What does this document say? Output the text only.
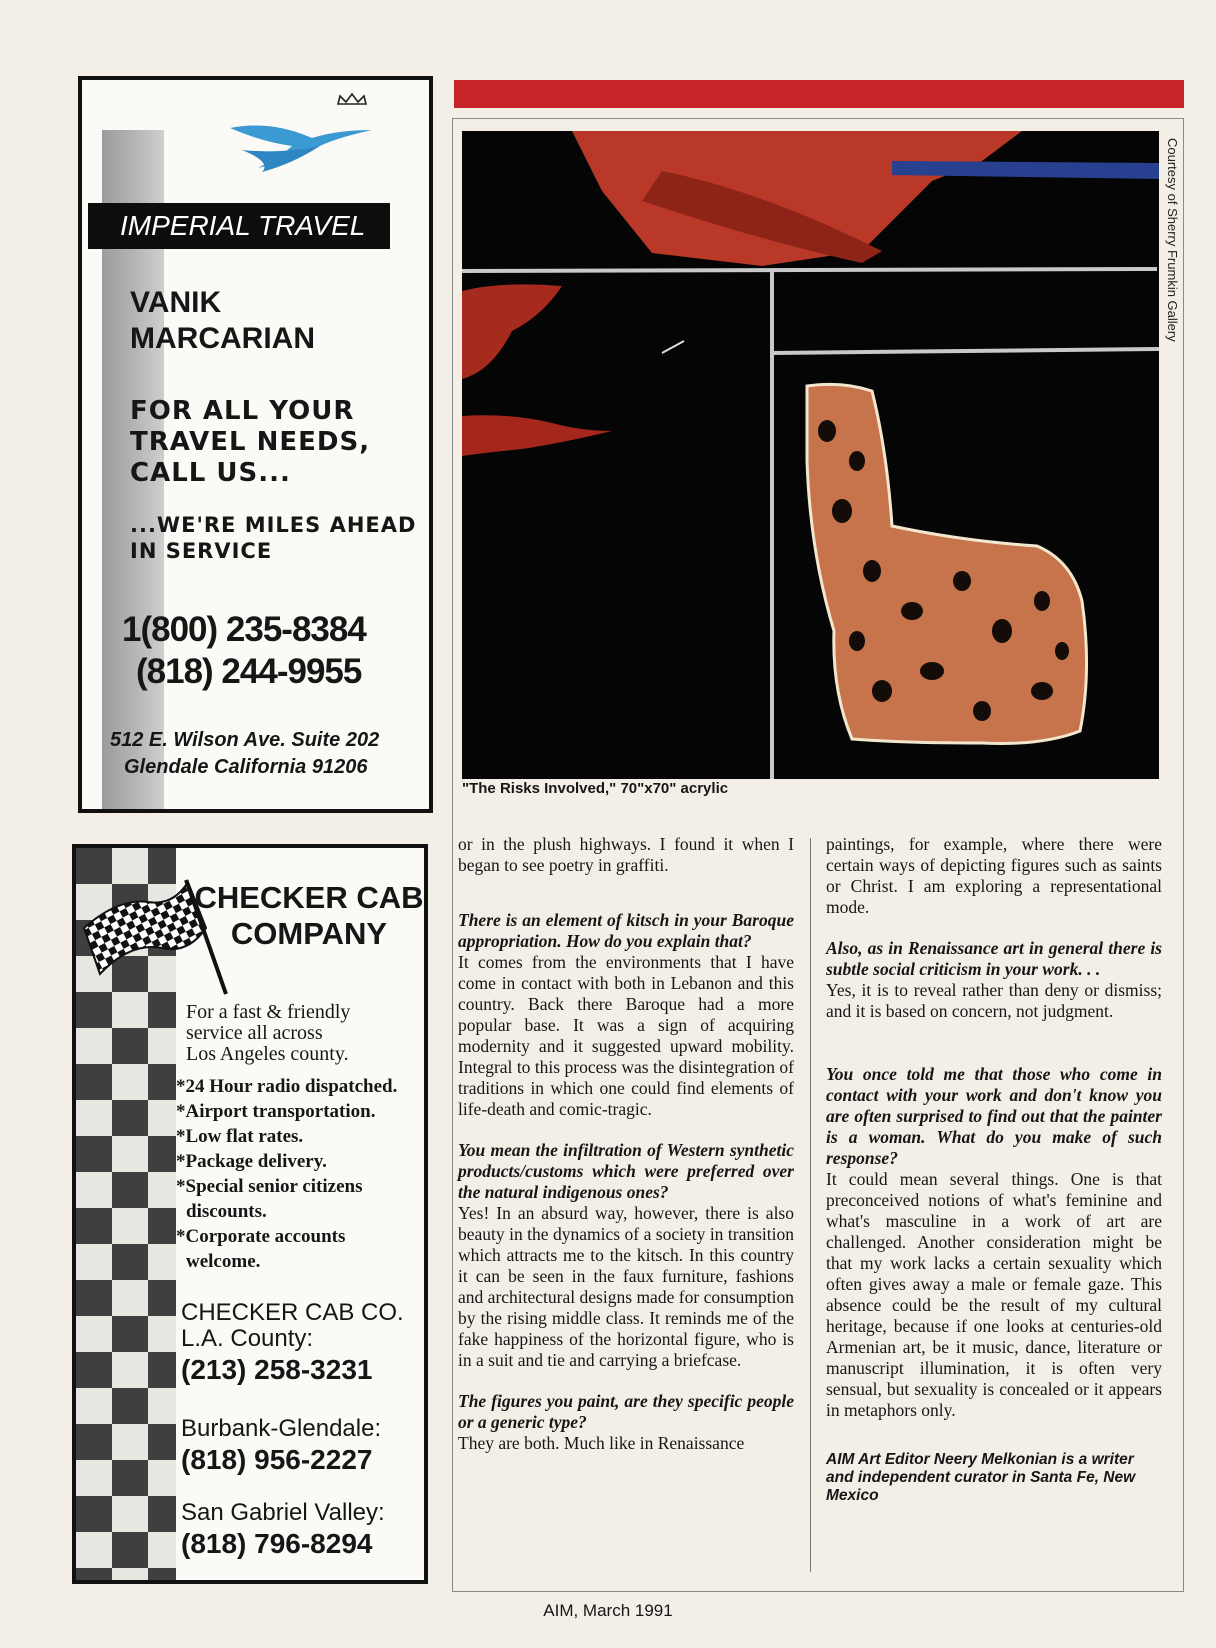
IMPERIAL TRAVEL
VANIK
MARCARIAN
FOR ALL YOUR
TRAVEL NEEDS,
CALL US...
...WE'RE MILES AHEAD
IN SERVICE
1(800) 235-8384
(818) 244-9955
512 E. Wilson Ave. Suite 202
Glendale California 91206
CHECKER CAB
COMPANY
For a fast & friendly
service all across
Los Angeles county.
*24 Hour radio dispatched.
*Airport transportation.
*Low flat rates.
*Package delivery.
*Special senior citizens discounts.
*Corporate accounts welcome.
CHECKER CAB CO.
L.A. County:
(213) 258-3231
Burbank-Glendale:
(818) 956-2227
San Gabriel Valley:
(818) 796-8294
Courtesy of Sherry Frumkin Gallery
"The Risks Involved," 70"x70" acrylic

or in the plush highways. I found it when I began to see poetry in graffiti.

There is an element of kitsch in your Baroque appropriation. How do you explain that?

It comes from the environments that I have come in contact with both in Lebanon and this country. Back there Baroque had a more popular base. It was a sign of acquiring modernity and it suggested upward mobility. Integral to this process was the disintegration of traditions in which one could find elements of life-death and comic-tragic.

You mean the infiltration of Western synthetic products/customs which were preferred over the natural indigenous ones?

Yes! In an absurd way, however, there is also beauty in the dynamics of a society in transition which attracts me to the kitsch. In this country it can be seen in the faux furniture, fashions and architectural designs made for consumption by the rising middle class. It reminds me of the fake happiness of the horizontal figure, who is in a suit and tie and carrying a briefcase.

The figures you paint, are they specific people or a generic type?

They are both. Much like in Renaissance

paintings, for example, where there were certain ways of depicting figures such as saints or Christ. I am exploring a representational mode.

Also, as in Renaissance art in general there is subtle social criticism in your work. . .

Yes, it is to reveal rather than deny or dismiss; and it is based on concern, not judgment.

You once told me that those who come in contact with your work and don't know you are often surprised to find out that the painter is a woman. What do you make of such response?

It could mean several things. One is that preconceived notions of what's feminine and what's masculine in a work of art are challenged. Another consideration might be that my work lacks a certain sexuality which often gives away a male or female gaze. This absence could be the result of my cultural heritage, because if one looks at centuries-old Armenian art, be it music, dance, literature or manuscript illumination, it is often very sensual, but sexuality is concealed or it appears in metaphors only.

AIM Art Editor Neery Melkonian is a writer and independent curator in Santa Fe, New Mexico

AIM, March 1991
